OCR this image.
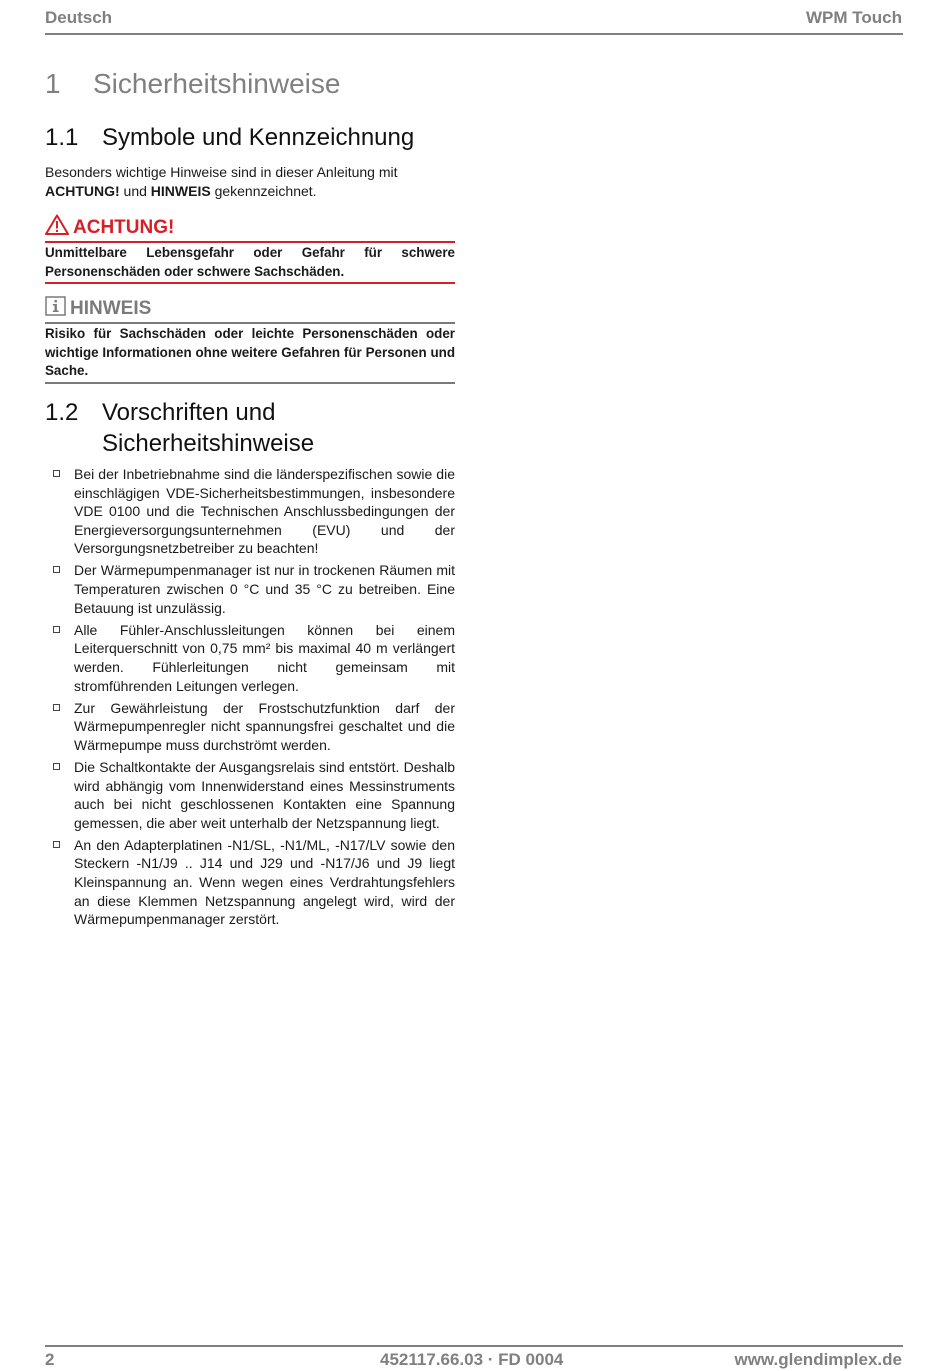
Deutsch	WPM Touch
1 Sicherheitshinweise
1.1 Symbole und Kennzeichnung
Besonders wichtige Hinweise sind in dieser Anleitung mit ACHTUNG! und HINWEIS gekennzeichnet.
ACHTUNG!
Unmittelbare Lebensgefahr oder Gefahr für schwere Personenschäden oder schwere Sachschäden.
HINWEIS
Risiko für Sachschäden oder leichte Personenschäden oder wichtige Informationen ohne weitere Gefahren für Personen und Sache.
1.2 Vorschriften und
Sicherheitshinweise
Bei der Inbetriebnahme sind die länderspezifischen sowie die einschlägigen VDE-Sicherheitsbestimmungen, insbesondere VDE 0100 und die Technischen Anschlussbedingungen der Energieversorgungsunternehmen (EVU) und der Versorgungsnetzbetreiber zu beachten!
Der Wärmepumpenmanager ist nur in trockenen Räumen mit Temperaturen zwischen 0 °C und 35 °C zu betreiben. Eine Betauung ist unzulässig.
Alle Fühler-Anschlussleitungen können bei einem Leiterquerschnitt von 0,75 mm² bis maximal 40 m verlängert werden. Fühlerleitungen nicht gemeinsam mit stromführenden Leitungen verlegen.
Zur Gewährleistung der Frostschutzfunktion darf der Wärmepumpenregler nicht spannungsfrei geschaltet und die Wärmepumpe muss durchströmt werden.
Die Schaltkontakte der Ausgangsrelais sind entstört. Deshalb wird abhängig vom Innenwiderstand eines Messinstruments auch bei nicht geschlossenen Kontakten eine Spannung gemessen, die aber weit unterhalb der Netzspannung liegt.
An den Adapterplatinen -N1/SL, -N1/ML, -N17/LV sowie den Steckern -N1/J9 .. J14 und J29 und -N17/J6 und J9 liegt Kleinspannung an. Wenn wegen eines Verdrahtungsfehlers an diese Klemmen Netzspannung angelegt wird, wird der Wärmepumpenmanager zerstört.
2	452117.66.03 · FD 0004	www.glendimplex.de
